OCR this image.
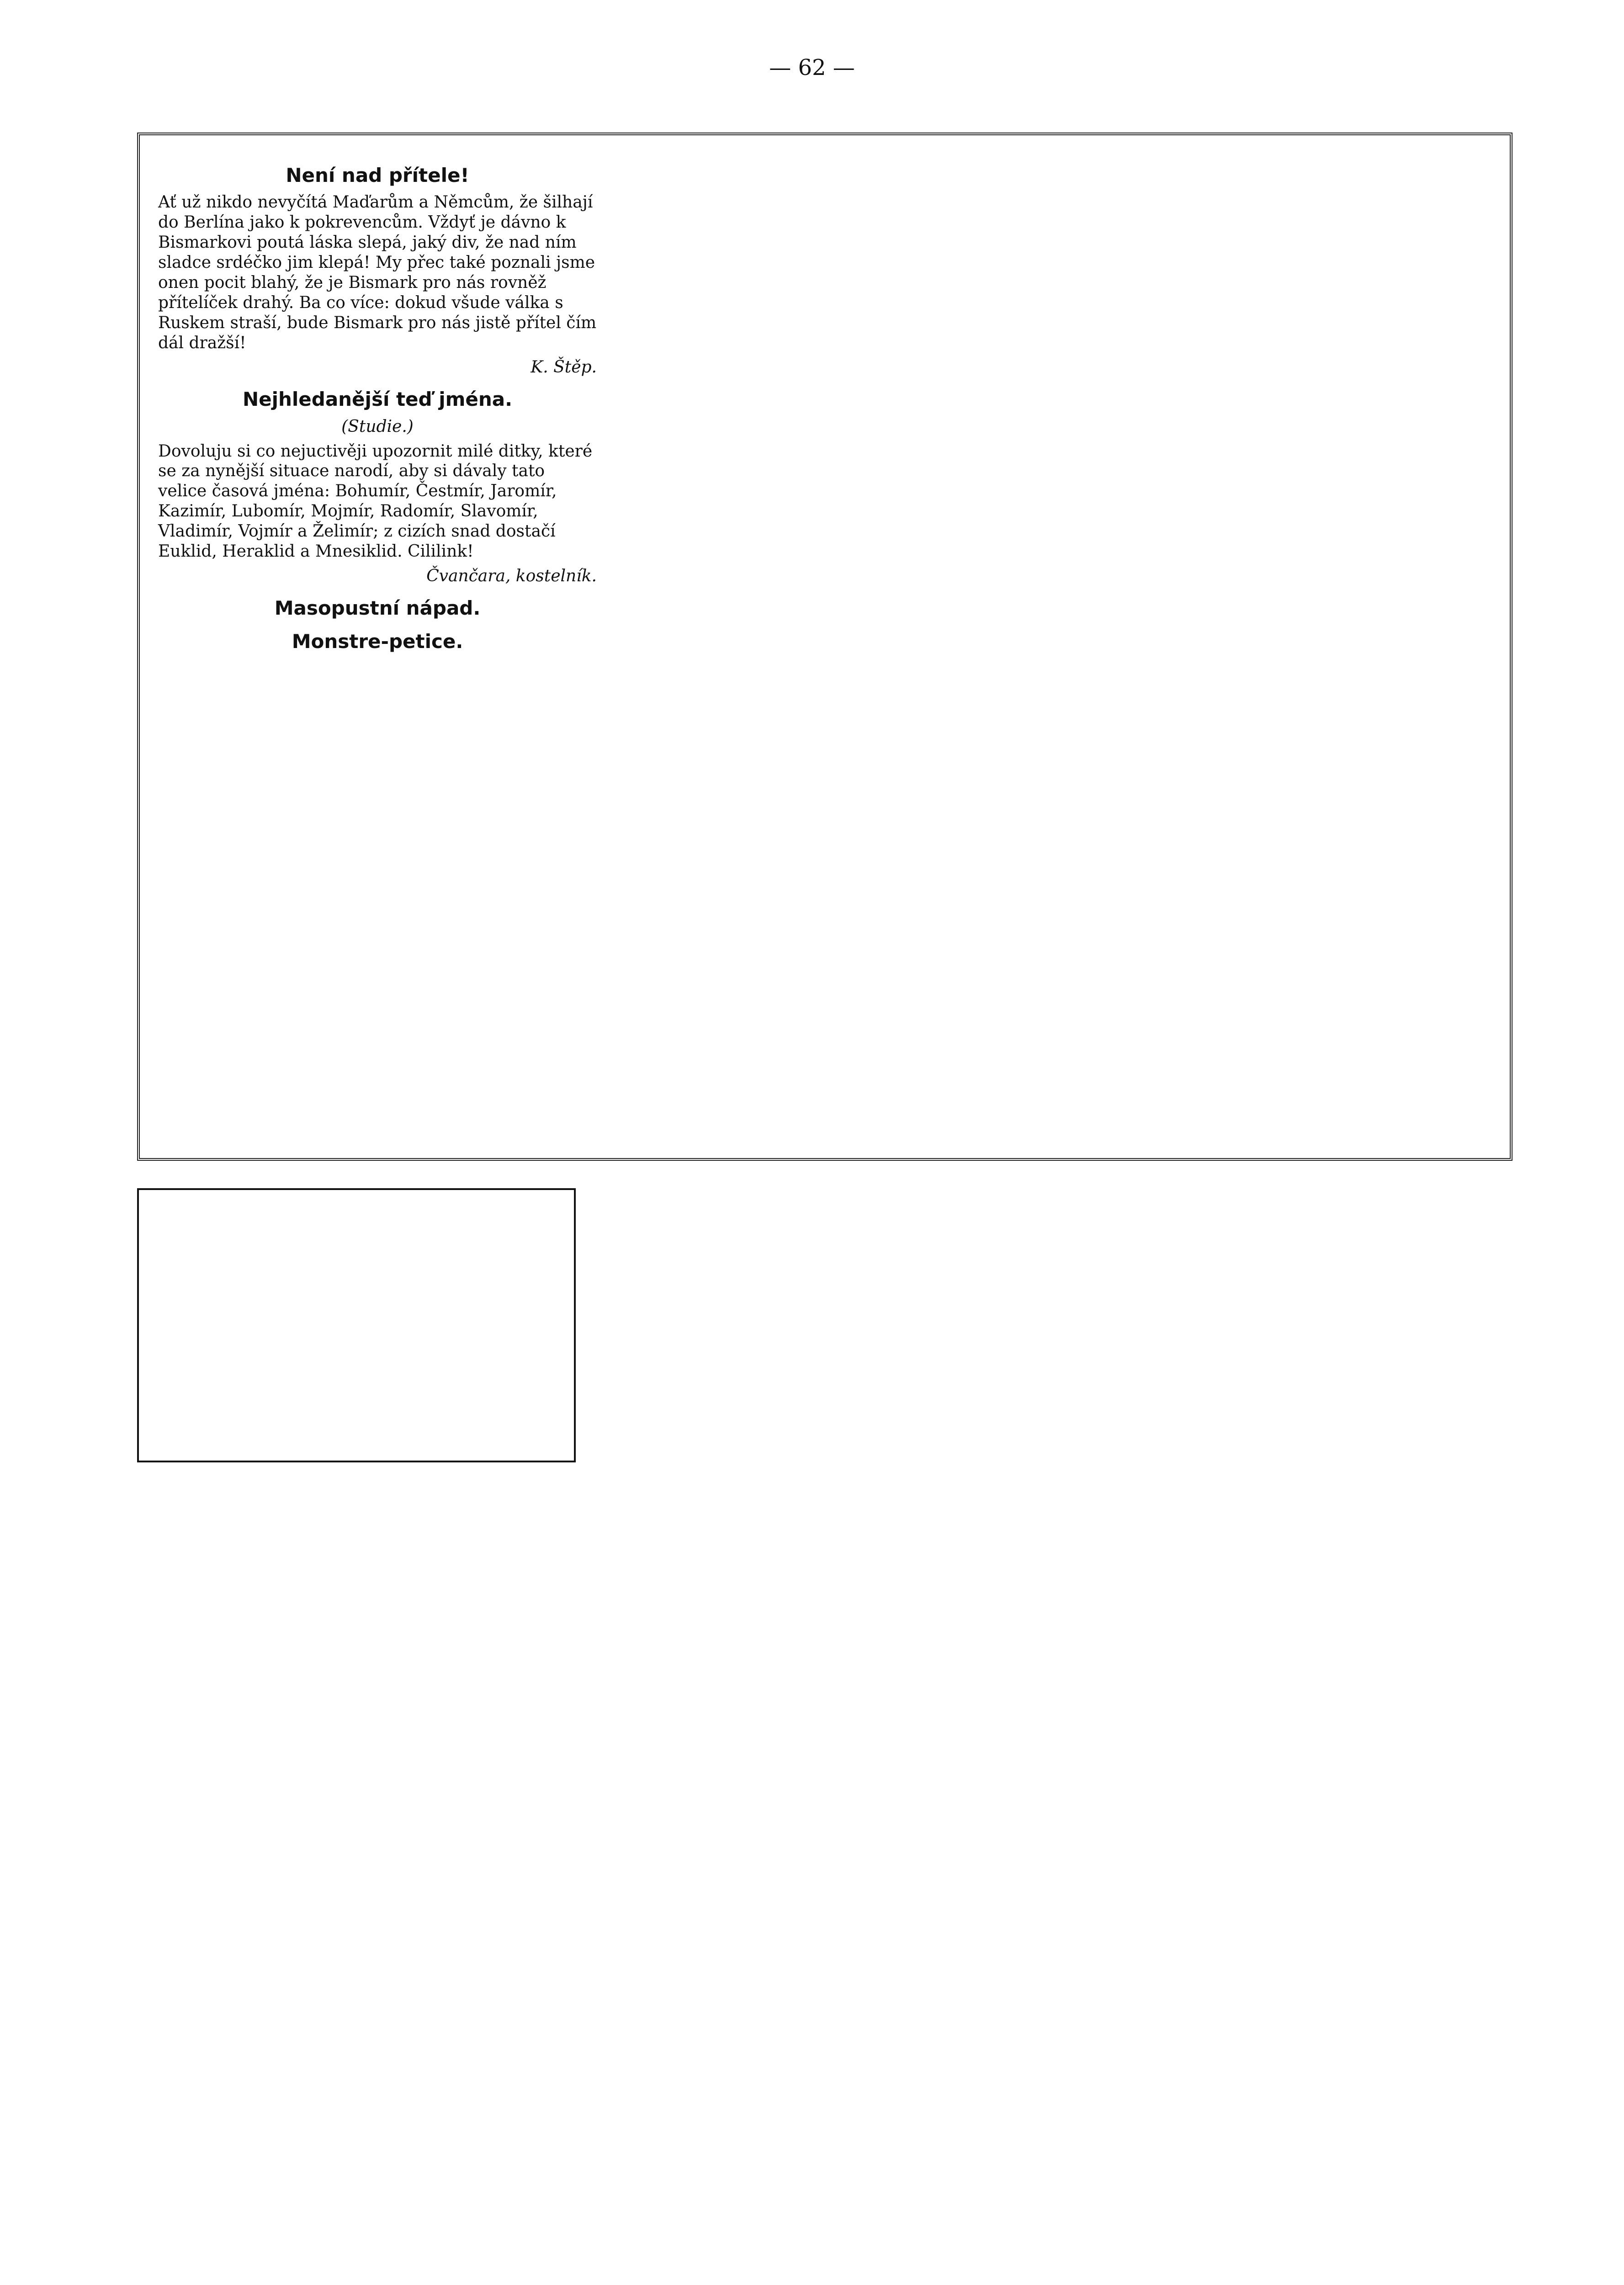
— 62 —
Není nad přítele!

Ať už nikdo nevyčítá Maďarům a Němcům, že šilhají do Berlína jako k pokrevencům. Vždyť je dávno k Bismarkovi poutá láska slepá, jaký div, že nad ním sladce srdéčko jim klepá! My přec také poznali jsme onen pocit blahý, že je Bismark pro nás rovněž přítelíček drahý. Ba co více: dokud všude válka s Ruskem straší, bude Bismark pro nás jistě přítel čím dál dražší!

K. Štěp.

Nejhledanější teď jména.

(Studie.)

Dovoluju si co nejuctivěji upozornit milé ditky, které se za nynější situace narodí, aby si dávaly tato velice časová jména: Bohumír, Čestmír, Jaromír, Kazimír, Lubomír, Mojmír, Radomír, Slavomír, Vladimír, Vojmír a Želimír; z cizích snad dostačí Euklid, Heraklid a Mnesiklid. Cililink!

Čvančara, kostelník.

Masopustní nápad.
Monstre-petice.
